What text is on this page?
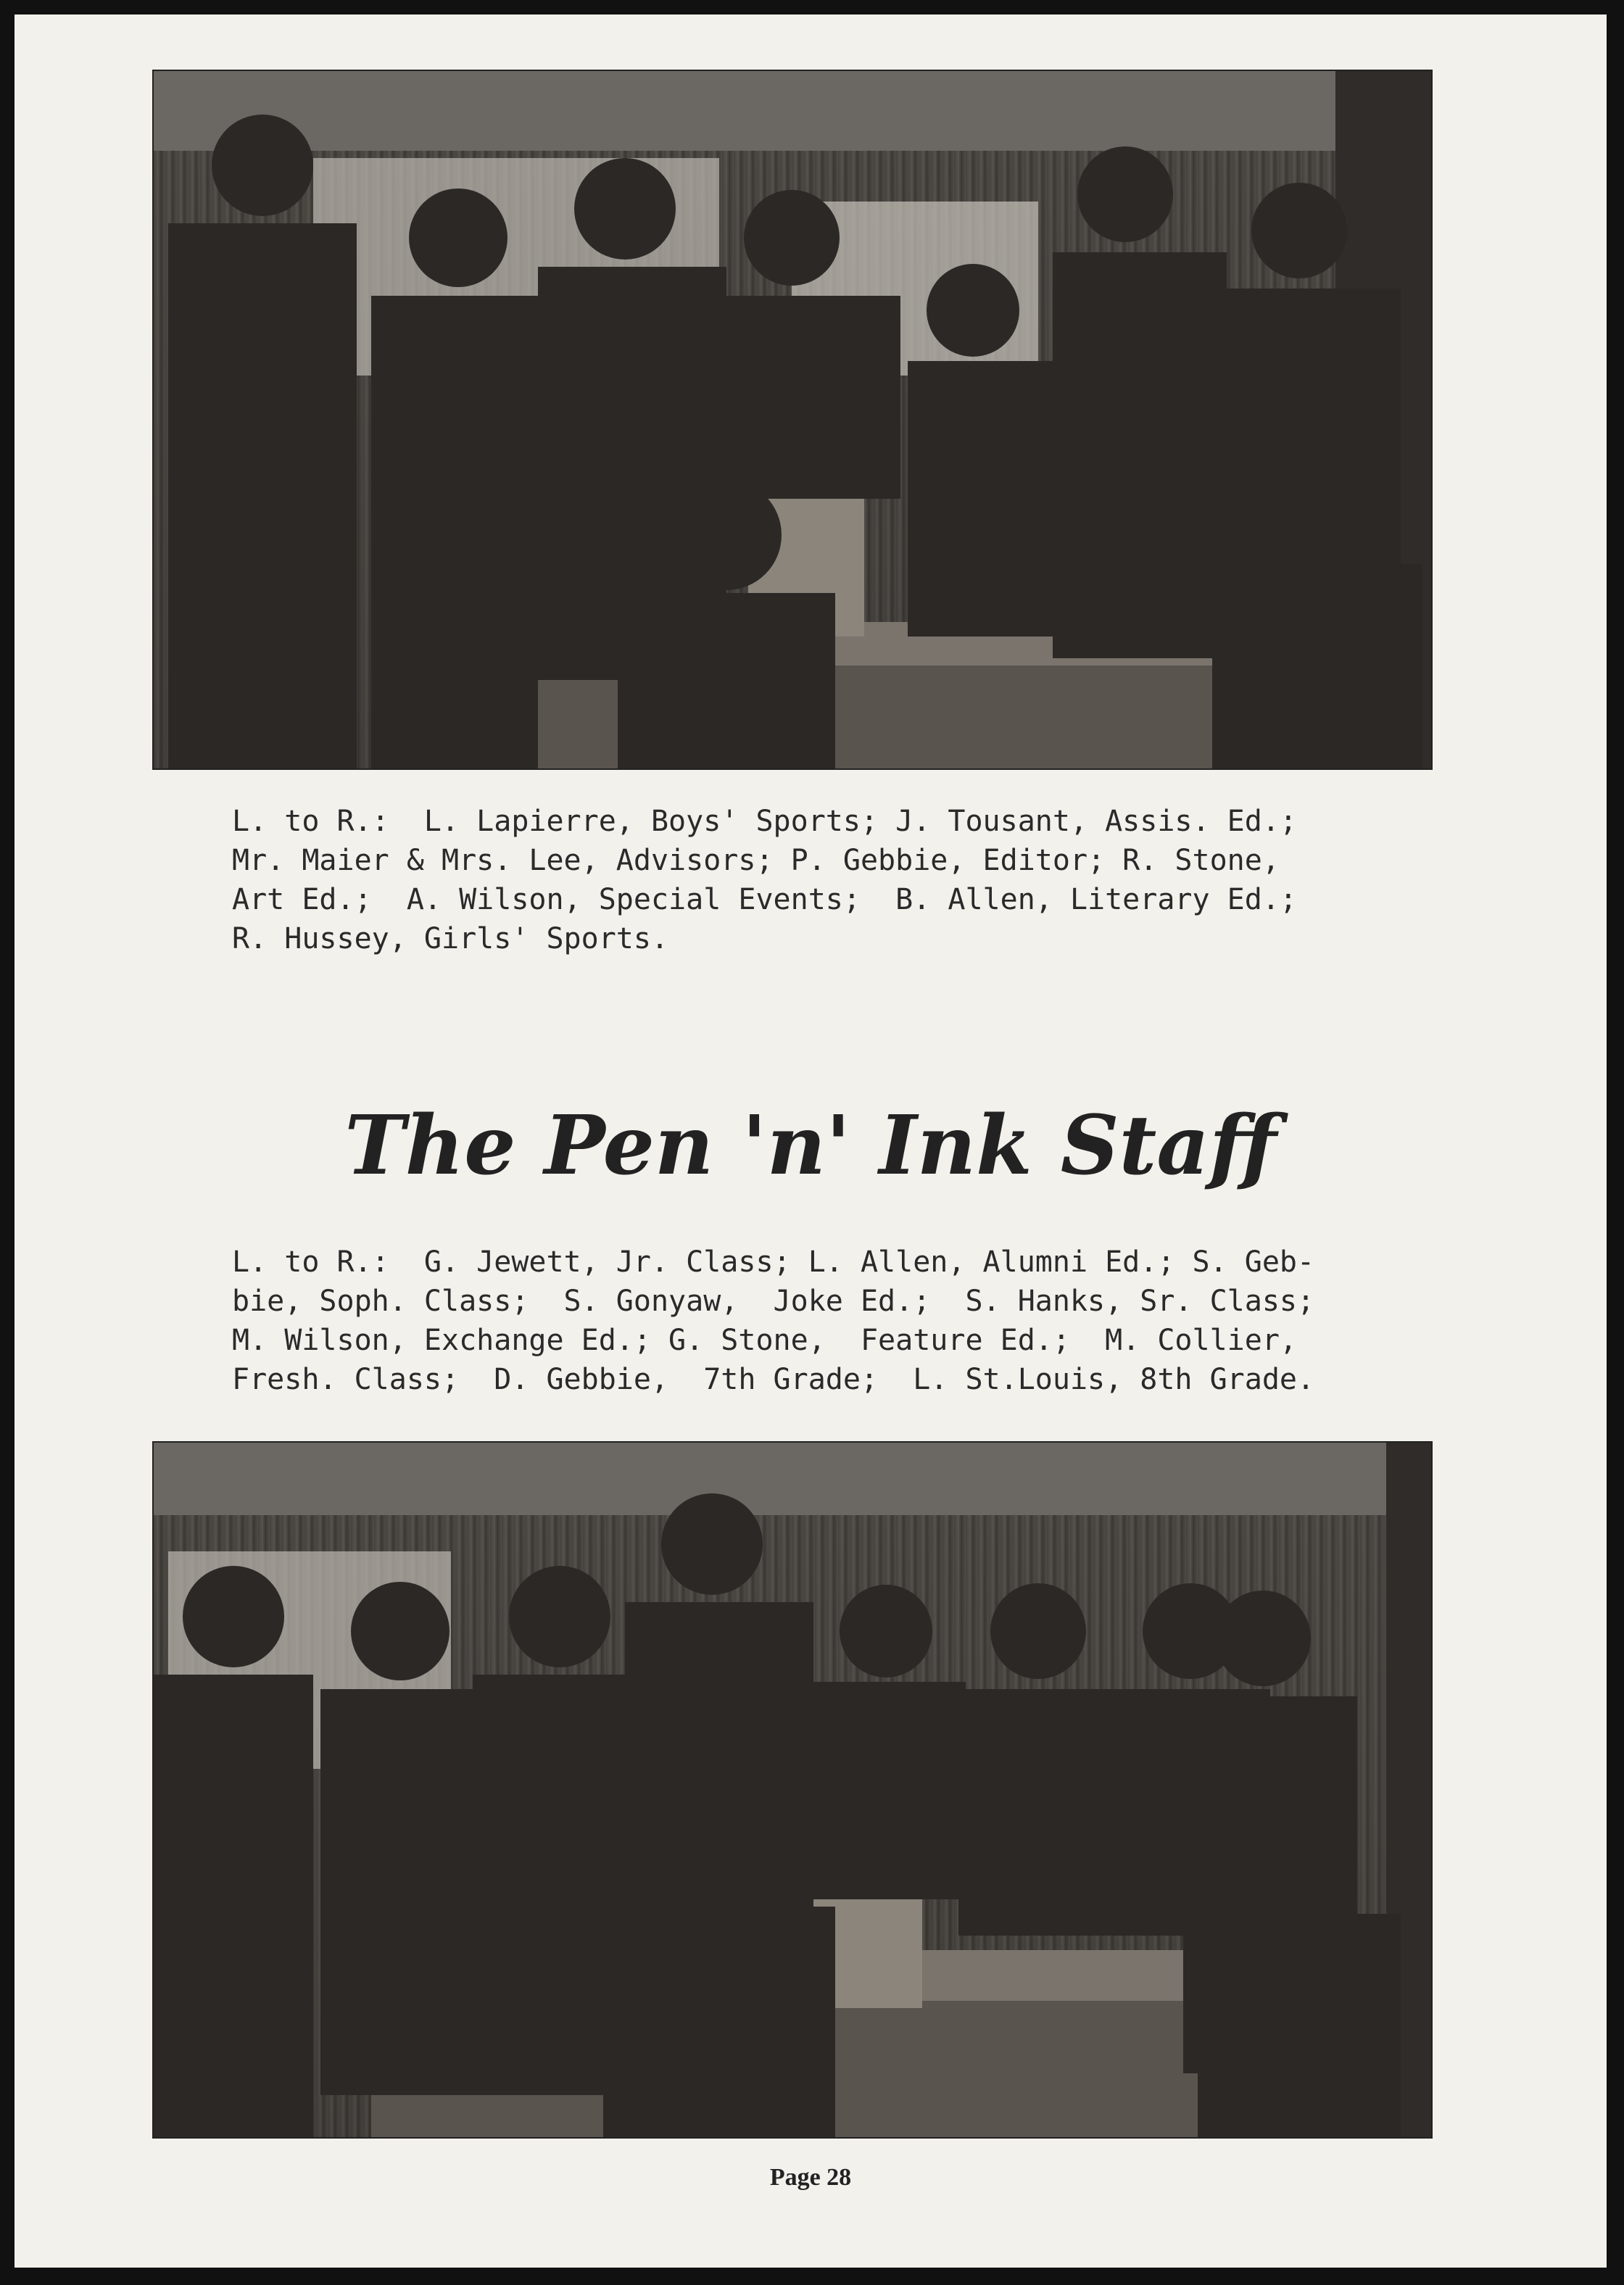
L. to R.:  L. Lapierre, Boys' Sports; J. Tousant, Assis. Ed.;
Mr. Maier & Mrs. Lee, Advisors; P. Gebbie, Editor; R. Stone,
Art Ed.;  A. Wilson, Special Events;  B. Allen, Literary Ed.;
R. Hussey, Girls' Sports.
The Pen 'n' Ink Staff
L. to R.:  G. Jewett, Jr. Class; L. Allen, Alumni Ed.; S. Geb-
bie, Soph. Class;  S. Gonyaw,  Joke Ed.;  S. Hanks, Sr. Class;
M. Wilson, Exchange Ed.; G. Stone,  Feature Ed.;  M. Collier,
Fresh. Class;  D. Gebbie,  7th Grade;  L. St.Louis, 8th Grade.

Page 28
